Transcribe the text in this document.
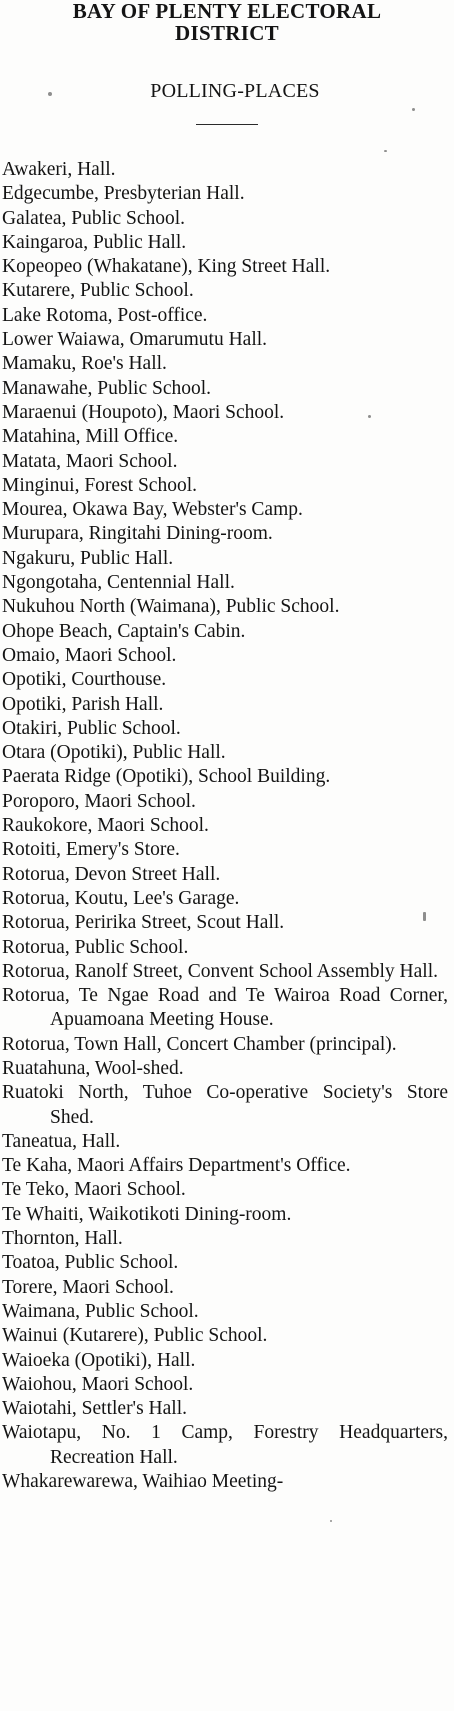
BAY OF PLENTY ELECTORAL
DISTRICT
POLLING-PLACES
Awakeri, Hall.
Edgecumbe, Presbyterian Hall.
Galatea, Public School.
Kaingaroa, Public Hall.
Kopeopeo (Whakatane), King Street Hall.
Kutarere, Public School.
Lake Rotoma, Post-office.
Lower Waiawa, Omarumutu Hall.
Mamaku, Roe's Hall.
Manawahe, Public School.
Maraenui (Houpoto), Maori School.
Matahina, Mill Office.
Matata, Maori School.
Minginui, Forest School.
Mourea, Okawa Bay, Webster's Camp.
Murupara, Ringitahi Dining-room.
Ngakuru, Public Hall.
Ngongotaha, Centennial Hall.
Nukuhou North (Waimana), Public School.
Ohope Beach, Captain's Cabin.
Omaio, Maori School.
Opotiki, Courthouse.
Opotiki, Parish Hall.
Otakiri, Public School.
Otara (Opotiki), Public Hall.
Paerata Ridge (Opotiki), School Building.
Poroporo, Maori School.
Raukokore, Maori School.
Rotoiti, Emery's Store.
Rotorua, Devon Street Hall.
Rotorua, Koutu, Lee's Garage.
Rotorua, Peririka Street, Scout Hall.
Rotorua, Public School.
Rotorua, Ranolf Street, Convent School Assembly Hall.
Rotorua, Te Ngae Road and Te Wairoa Road Corner, Apuamoana Meeting House.
Rotorua, Town Hall, Concert Chamber (principal).
Ruatahuna, Wool-shed.
Ruatoki North, Tuhoe Co-operative Society's Store Shed.
Taneatua, Hall.
Te Kaha, Maori Affairs Department's Office.
Te Teko, Maori School.
Te Whaiti, Waikotikoti Dining-room.
Thornton, Hall.
Toatoa, Public School.
Torere, Maori School.
Waimana, Public School.
Wainui (Kutarere), Public School.
Waioeka (Opotiki), Hall.
Waiohou, Maori School.
Waiotahi, Settler's Hall.
Waiotapu, No. 1 Camp, Forestry Headquarters, Recreation Hall.
Whakarewarewa, Waihiao Meeting-
